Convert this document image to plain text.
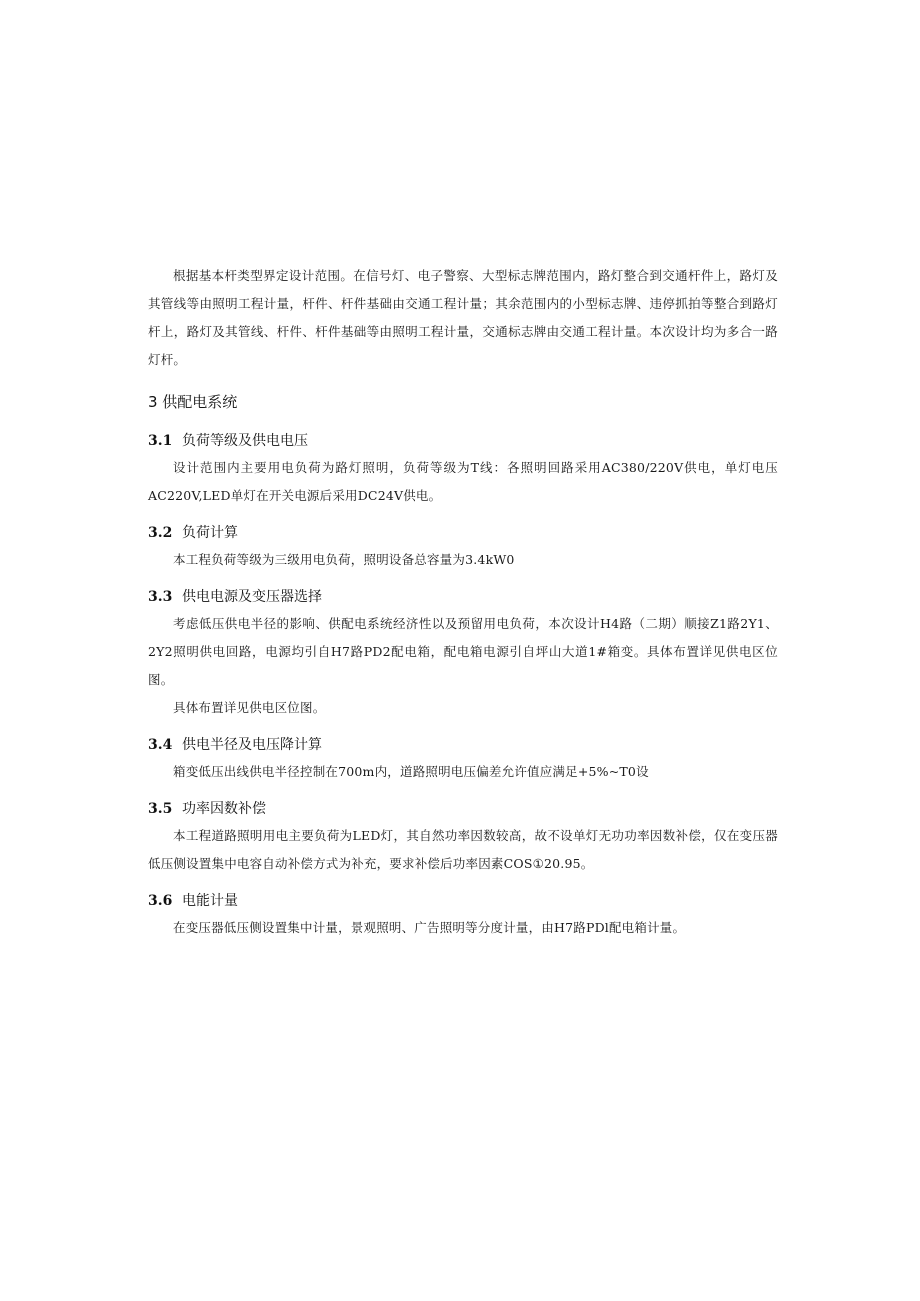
根据基本杆类型界定设计范围。在信号灯、电子警察、大型标志牌范围内，路灯整合到交通杆件上，路灯及其管线等由照明工程计量，杆件、杆件基础由交通工程计量；其余范围内的小型标志牌、违停抓拍等整合到路灯杆上，路灯及其管线、杆件、杆件基础等由照明工程计量，交通标志牌由交通工程计量。本次设计均为多合一路灯杆。

3 供配电系统
3.1 负荷等级及供电电压

设计范围内主要用电负荷为路灯照明，负荷等级为T线：各照明回路采用AC380/220V供电，单灯电压AC220V,LED单灯在开关电源后采用DC24V供电。

3.2 负荷计算

本工程负荷等级为三级用电负荷，照明设备总容量为3.4kW0

3.3 供电电源及变压器选择

考虑低压供电半径的影响、供配电系统经济性以及预留用电负荷，本次设计H4路（二期）顺接Z1路2Y1、2Y2照明供电回路，电源均引自H7路PD2配电箱，配电箱电源引自坪山大道1#箱变。具体布置详见供电区位图。

具体布置详见供电区位图。

3.4 供电半径及电压降计算

箱变低压出线供电半径控制在700m内，道路照明电压偏差允许值应满足+5%~T0设

3.5 功率因数补偿

本工程道路照明用电主要负荷为LED灯，其自然功率因数较高，故不设单灯无功功率因数补偿，仅在变压器低压侧设置集中电容自动补偿方式为补充，要求补偿后功率因素COS①20.95。

3.6 电能计量

在变压器低压侧设置集中计量，景观照明、广告照明等分度计量，由H7路PDl配电箱计量。
